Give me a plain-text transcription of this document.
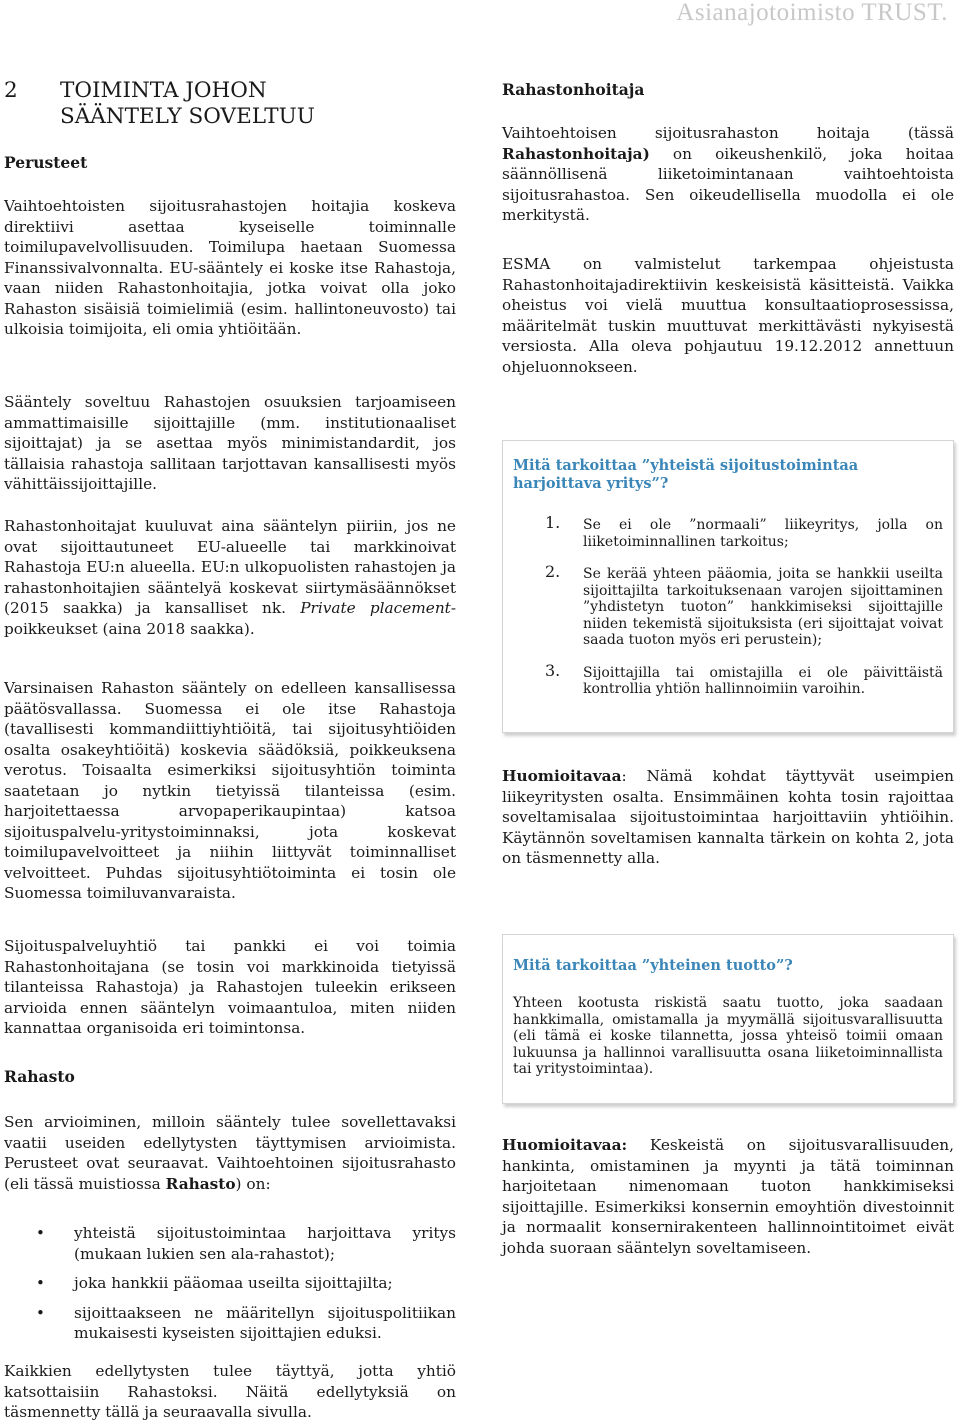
Asianajotoimisto TRUST.

2 TOIMINTA JOHON
SÄÄNTELY SOVELTUU
Perusteet

Vaihtoehtoisten sijoitusrahastojen hoitajia koskeva direktiivi asettaa kyseiselle toiminnalle toimilupavelvollisuuden. Toimilupa haetaan Suomessa Finanssivalvonnalta. EU-sääntely ei koske itse Rahastoja, vaan niiden Rahastonhoitajia, jotka voivat olla joko Rahaston sisäisiä toimielimiä (esim. hallintoneuvosto) tai ulkoisia toimijoita, eli omia yhtiöitään.

Sääntely soveltuu Rahastojen osuuksien tarjoamiseen ammattimaisille sijoittajille (mm. institutionaaliset sijoittajat) ja se asettaa myös minimistandardit, jos tällaisia rahastoja sallitaan tarjottavan kansallisesti myös vähittäissijoittajille.

Rahastonhoitajat kuuluvat aina sääntelyn piiriin, jos ne ovat sijoittautuneet EU-alueelle tai markkinoivat Rahastoja EU:n alueella. EU:n ulkopuolisten rahastojen ja rahastonhoitajien sääntelyä koskevat siirtymäsäännökset (2015 saakka) ja kansalliset nk. Private placement-poikkeukset (aina 2018 saakka).

Varsinaisen Rahaston sääntely on edelleen kansallisessa päätösvallassa. Suomessa ei ole itse Rahastoja (tavallisesti kommandiittiyhtiöitä, tai sijoitusyhtiöiden osalta osakeyhtiöitä) koskevia säädöksiä, poikkeuksena verotus. Toisaalta esimerkiksi sijoitusyhtiön toiminta saatetaan jo nytkin tietyissä tilanteissa (esim. harjoitettaessa arvopaperikaupintaa) katsoa sijoituspalvelu-yritystoiminnaksi, jota koskevat toimilupavelvoitteet ja niihin liittyvät toiminnalliset velvoitteet. Puhdas sijoitusyhtiötoiminta ei tosin ole Suomessa toimiluvanvaraista.

Sijoituspalveluyhtiö tai pankki ei voi toimia Rahastonhoitajana (se tosin voi markkinoida tietyissä tilanteissa Rahastoja) ja Rahastojen tuleekin erikseen arvioida ennen sääntelyn voimaantuloa, miten niiden kannattaa organisoida eri toimintonsa.

Rahasto

Sen arvioiminen, milloin sääntely tulee sovellettavaksi vaatii useiden edellytysten täyttymisen arvioimista. Perusteet ovat seuraavat. Vaihtoehtoinen sijoitusrahasto (eli tässä muistiossa Rahasto) on:

• yhteistä sijoitustoimintaa harjoittava yritys (mukaan lukien sen ala-rahastot);
• joka hankkii pääomaa useilta sijoittajilta;
• sijoittaakseen ne määritellyn sijoituspolitiikan mukaisesti kyseisten sijoittajien eduksi.

Kaikkien edellytysten tulee täyttyä, jotta yhtiö katsottaisiin Rahastoksi. Näitä edellytyksiä on täsmennetty tällä ja seuraavalla sivulla.

Rahastonhoitaja

Vaihtoehtoisen sijoitusrahaston hoitaja (tässä Rahastonhoitaja) on oikeushenkilö, joka hoitaa säännöllisenä liiketoimintanaan vaihtoehtoista sijoitusrahastoa. Sen oikeudellisella muodolla ei ole merkitystä.

ESMA on valmistelut tarkempaa ohjeistusta Rahastonhoitajadirektiivin keskeisistä käsitteistä. Vaikka oheistus voi vielä muuttua konsultaatioprosessissa, määritelmät tuskin muuttuvat merkittävästi nykyisestä versiosta. Alla oleva pohjautuu 19.12.2012 annettuun ohjeluonnokseen.

Mitä tarkoittaa ”yhteistä sijoitustoimintaa harjoittava yritys”?
1. Se ei ole ”normaali” liikeyritys, jolla on liiketoiminnallinen tarkoitus;
2. Se kerää yhteen pääomia, joita se hankkii useilta sijoittajilta tarkoituksenaan varojen sijoittaminen ”yhdistetyn tuoton” hankkimiseksi sijoittajille niiden tekemistä sijoituksista (eri sijoittajat voivat saada tuoton myös eri perustein);
3. Sijoittajilla tai omistajilla ei ole päivittäistä kontrollia yhtiön hallinnoimiin varoihin.

Huomioitavaa: Nämä kohdat täyttyvät useimpien liikeyritysten osalta. Ensimmäinen kohta tosin rajoittaa soveltamisalaa sijoitustoimintaa harjoittaviin yhtiöihin. Käytännön soveltamisen kannalta tärkein on kohta 2, jota on täsmennetty alla.

Mitä tarkoittaa ”yhteinen tuotto”?

Yhteen kootusta riskistä saatu tuotto, joka saadaan hankkimalla, omistamalla ja myymällä sijoitusvarallisuutta (eli tämä ei koske tilannetta, jossa yhteisö toimii omaan lukuunsa ja hallinnoi varallisuutta osana liiketoiminnallista tai yritystoimintaa).

Huomioitavaa: Keskeistä on sijoitusvarallisuuden, hankinta, omistaminen ja myynti ja tätä toiminnan harjoitetaan nimenomaan tuoton hankkimiseksi sijoittajille. Esimerkiksi konsernin emoyhtiön divestoinnit ja normaalit konsernirakenteen hallinnointitoimet eivät johda suoraan sääntelyn soveltamiseen.
